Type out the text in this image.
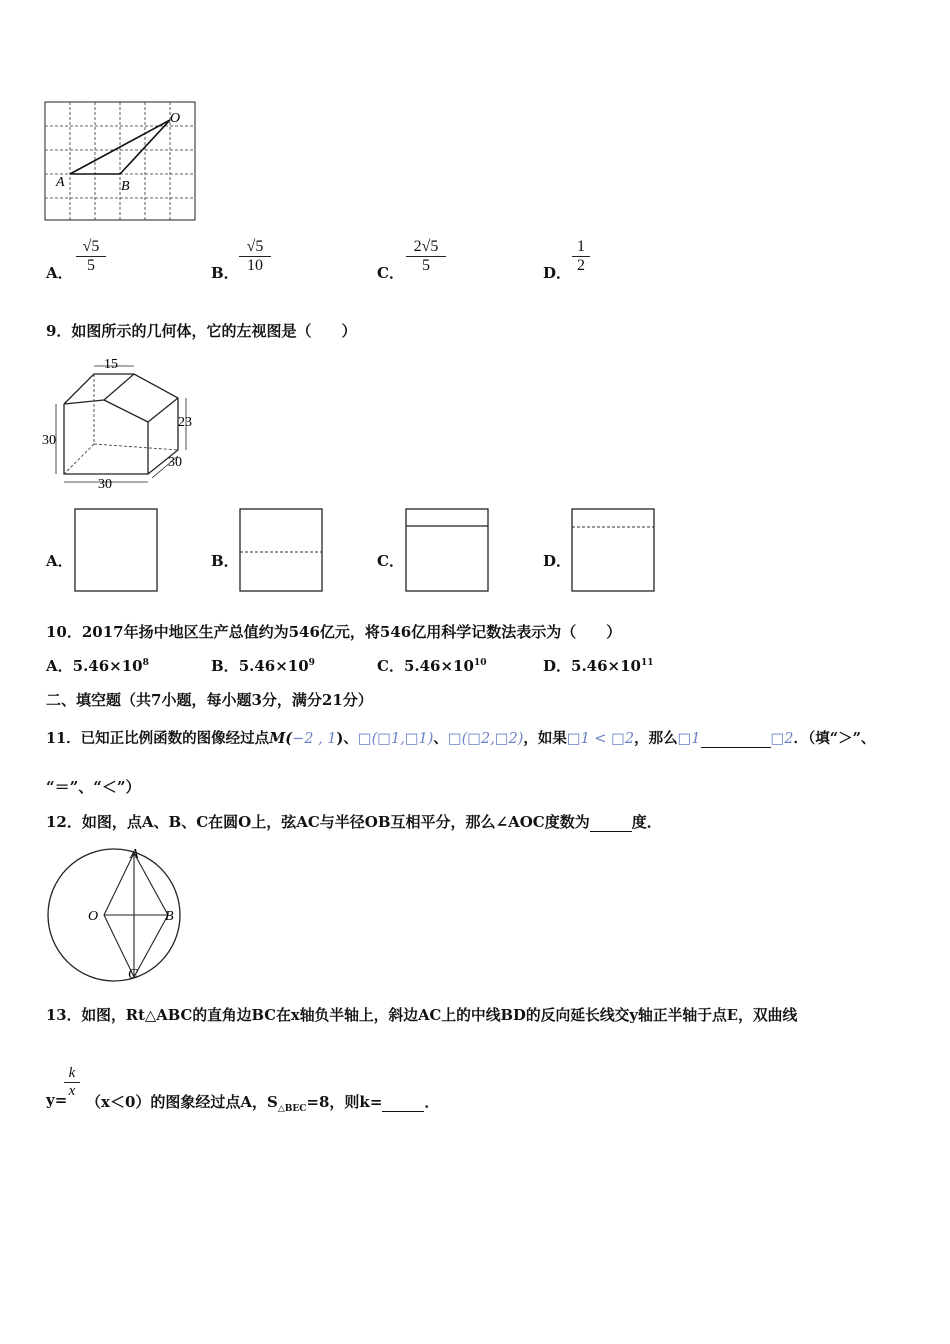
O
A	B
A． $\frac{√5}{5}$	B． $\frac{√5}{10}$	C． $\frac{2√5}{5}$	D． $\frac{1}{2}$
9．如图所示的几何体，它的左视图是（　　）
15
23
30
30
30
A．	B．	C．	D．
10．2017年扬中地区生产总值约为546亿元，将546亿用科学记数法表示为（　　）
A．$5.46\times 10^8$	B．$5.46\times 10^9$	C．$5.46\times 10^{10}$	D．$5.46\times 10^{11}$
二、填空题（共7小题，每小题3分，满分21分）
11．已知正比例函数的图像经过点M(−2 , 1)、□(□1,□1)、□(□2,□2)，如果□1 < □2，那么□1	□2．（填“＞”、
“＝”、“＜”）
12．如图，点A、B、C在圆O上，弦AC与半径OB互相平分，那么∠AOC度数为	度．
A
O	B
C
13．如图，Rt△ABC的直角边BC在x轴负半轴上，斜边AC上的中线BD的反向延长线交y轴正半轴于点E，双曲线
y=
$\frac{k}{x}$
（x＜0）的图象经过点A，$S_{\triangle BEC}=8$，则k=	．
